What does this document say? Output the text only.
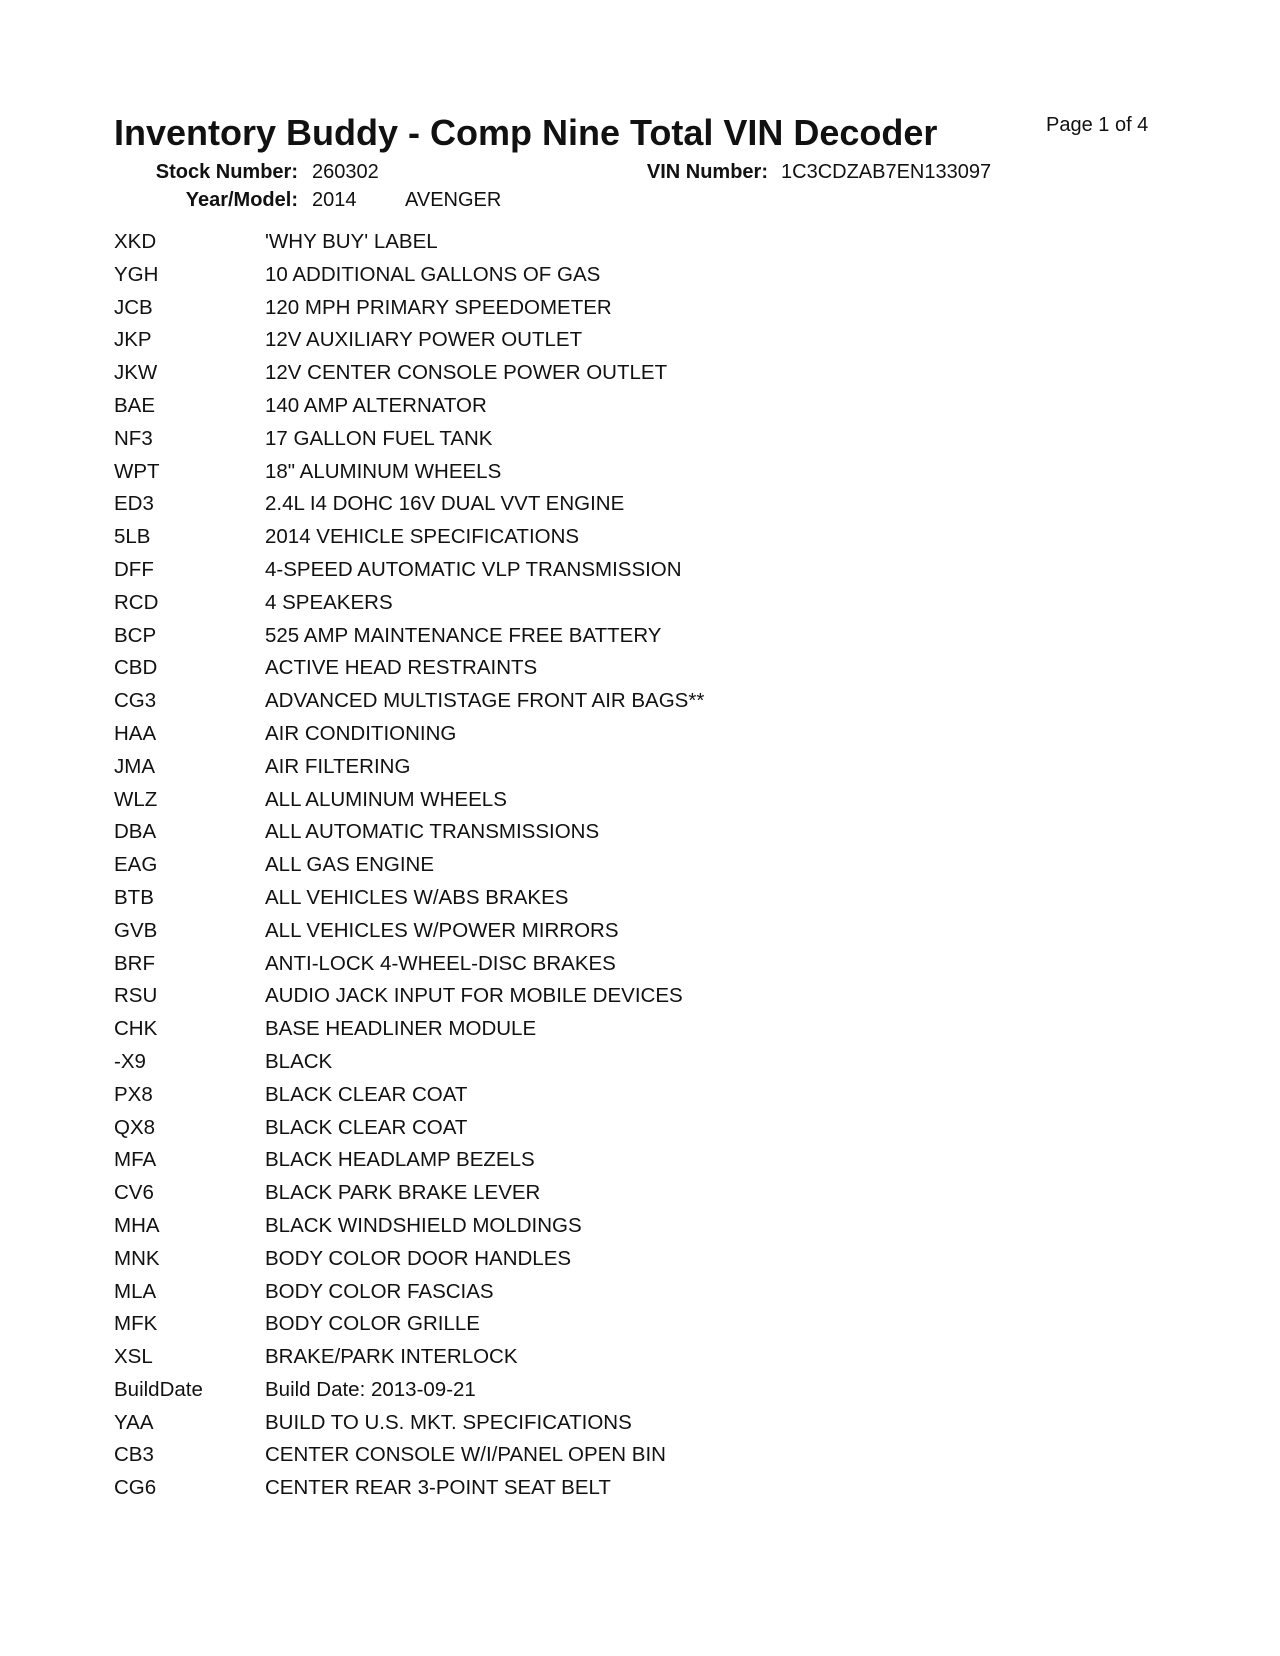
Inventory Buddy - Comp Nine Total VIN Decoder	Page 1 of 4
Stock Number: 260302	VIN Number: 1C3CDZAB7EN133097
Year/Model: 2014 AVENGER
XKD	'WHY BUY' LABEL
YGH	10 ADDITIONAL GALLONS OF GAS
JCB	120 MPH PRIMARY SPEEDOMETER
JKP	12V AUXILIARY POWER OUTLET
JKW	12V CENTER CONSOLE POWER OUTLET
BAE	140 AMP ALTERNATOR
NF3	17 GALLON FUEL TANK
WPT	18" ALUMINUM WHEELS
ED3	2.4L I4 DOHC 16V DUAL VVT ENGINE
5LB	2014 VEHICLE SPECIFICATIONS
DFF	4-SPEED AUTOMATIC VLP TRANSMISSION
RCD	4 SPEAKERS
BCP	525 AMP MAINTENANCE FREE BATTERY
CBD	ACTIVE HEAD RESTRAINTS
CG3	ADVANCED MULTISTAGE FRONT AIR BAGS**
HAA	AIR CONDITIONING
JMA	AIR FILTERING
WLZ	ALL ALUMINUM WHEELS
DBA	ALL AUTOMATIC TRANSMISSIONS
EAG	ALL GAS ENGINE
BTB	ALL VEHICLES W/ABS BRAKES
GVB	ALL VEHICLES W/POWER MIRRORS
BRF	ANTI-LOCK 4-WHEEL-DISC BRAKES
RSU	AUDIO JACK INPUT FOR MOBILE DEVICES
CHK	BASE HEADLINER MODULE
-X9	BLACK
PX8	BLACK CLEAR COAT
QX8	BLACK CLEAR COAT
MFA	BLACK HEADLAMP BEZELS
CV6	BLACK PARK BRAKE LEVER
MHA	BLACK WINDSHIELD MOLDINGS
MNK	BODY COLOR DOOR HANDLES
MLA	BODY COLOR FASCIAS
MFK	BODY COLOR GRILLE
XSL	BRAKE/PARK INTERLOCK
BuildDate	Build Date: 2013-09-21
YAA	BUILD TO U.S. MKT. SPECIFICATIONS
CB3	CENTER CONSOLE W/I/PANEL OPEN BIN
CG6	CENTER REAR 3-POINT SEAT BELT
